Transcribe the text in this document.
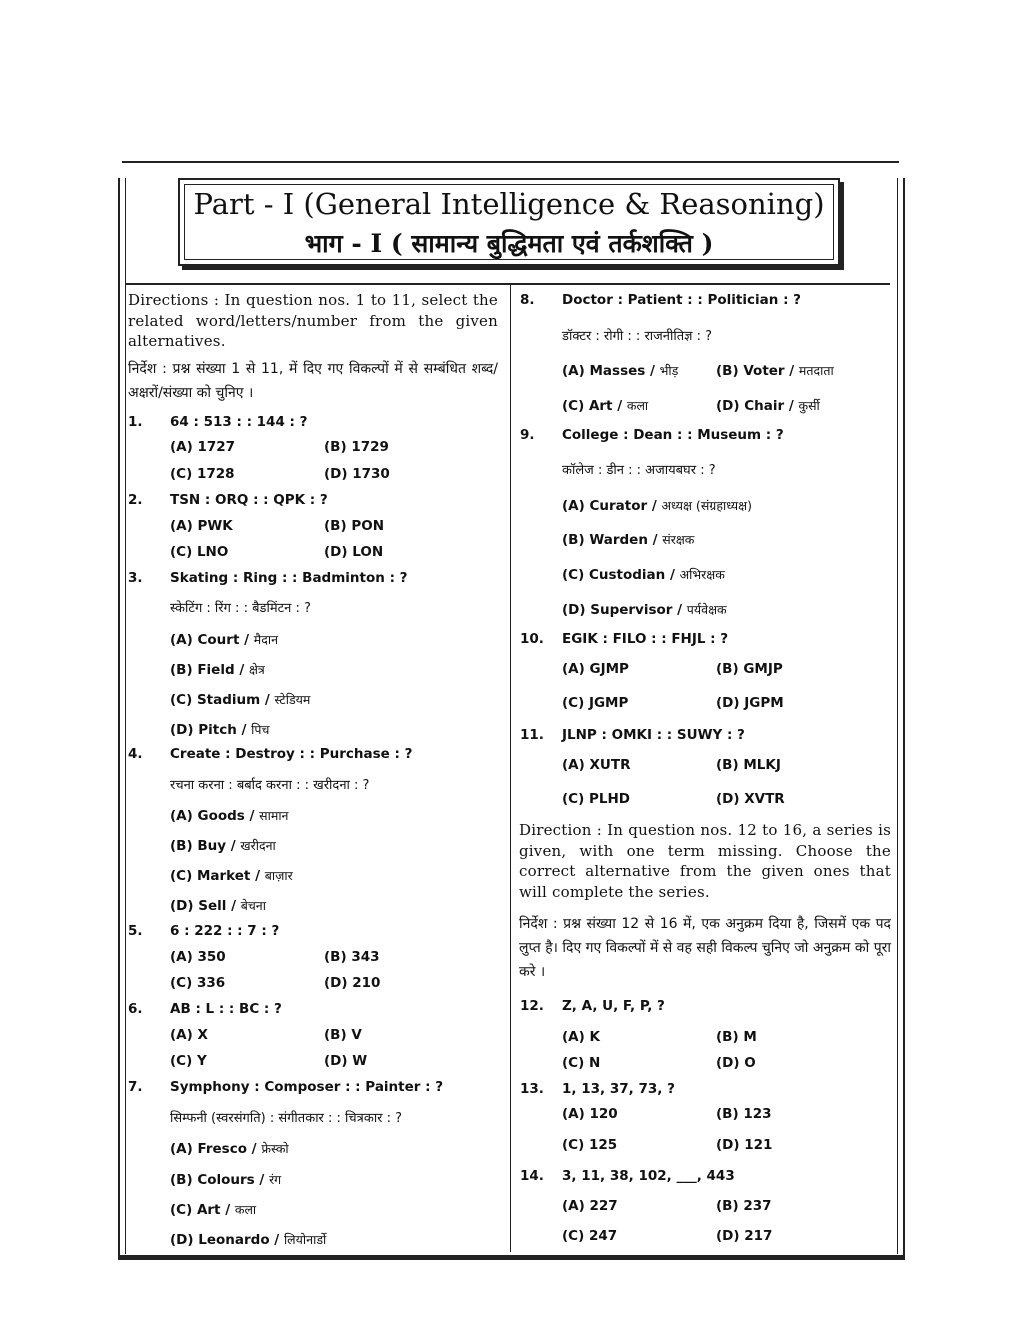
Part - I (General Intelligence & Reasoning)
भाग - I ( सामान्य बुद्धिमता एवं तर्कशक्ति )
Directions : In question nos. 1 to 11, select the related word/letters/number from the given alternatives.
निर्देश : प्रश्न संख्या 1 से 11, में दिए गए विकल्पों में से सम्बंधित शब्द/अक्षरों/संख्या को चुनिए ।
1. 64 : 513 : : 144 : ?
(A) 1727	(B) 1729
(C) 1728	(D) 1730
2. TSN : ORQ : : QPK : ?
(A) PWK	(B) PON
(C) LNO	(D) LON
3. Skating : Ring : : Badminton : ?
स्केटिंग : रिंग : : बैडमिंटन : ?
(A) Court / मैदान
(B) Field / क्षेत्र
(C) Stadium / स्टेडियम
(D) Pitch / पिच
4. Create : Destroy : : Purchase : ?
रचना करना : बर्बाद करना : : खरीदना : ?
(A) Goods / सामान
(B) Buy / खरीदना
(C) Market / बाज़ार
(D) Sell / बेचना
5. 6 : 222 : : 7 : ?
(A) 350	(B) 343
(C) 336	(D) 210
6. AB : L : : BC : ?
(A) X	(B) V
(C) Y	(D) W
7. Symphony : Composer : : Painter : ?
सिम्फनी (स्वरसंगति) : संगीतकार : : चित्रकार : ?
(A) Fresco / फ्रेस्को
(B) Colours / रंग
(C) Art / कला
(D) Leonardo / लियोनार्डो
8. Doctor : Patient : : Politician : ?
डॉक्टर : रोगी : : राजनीतिज्ञ : ?
(A) Masses / भीड़	(B) Voter / मतदाता
(C) Art / कला	(D) Chair / कुर्सी
9. College : Dean : : Museum : ?
कॉलेज : डीन : : अजायबघर : ?
(A) Curator / अध्यक्ष (संग्रहाध्यक्ष)
(B) Warden / संरक्षक
(C) Custodian / अभिरक्षक
(D) Supervisor / पर्यवेक्षक
10. EGIK : FILO : : FHJL : ?
(A) GJMP	(B) GMJP
(C) JGMP	(D) JGPM
11. JLNP : OMKI : : SUWY : ?
(A) XUTR	(B) MLKJ
(C) PLHD	(D) XVTR
Direction : In question nos. 12 to 16, a series is given, with one term missing. Choose the correct alternative from the given ones that will complete the series.
निर्देश : प्रश्न संख्या 12 से 16 में, एक अनुक्रम दिया है, जिसमें एक पद लुप्त है। दिए गए विकल्पों में से वह सही विकल्प चुनिए जो अनुक्रम को पूरा करे ।
12. Z, A, U, F, P, ?
(A) K	(B) M
(C) N	(D) O
13. 1, 13, 37, 73, ?
(A) 120	(B) 123
(C) 125	(D) 121
14. 3, 11, 38, 102, ___, 443
(A) 227	(B) 237
(C) 247	(D) 217
